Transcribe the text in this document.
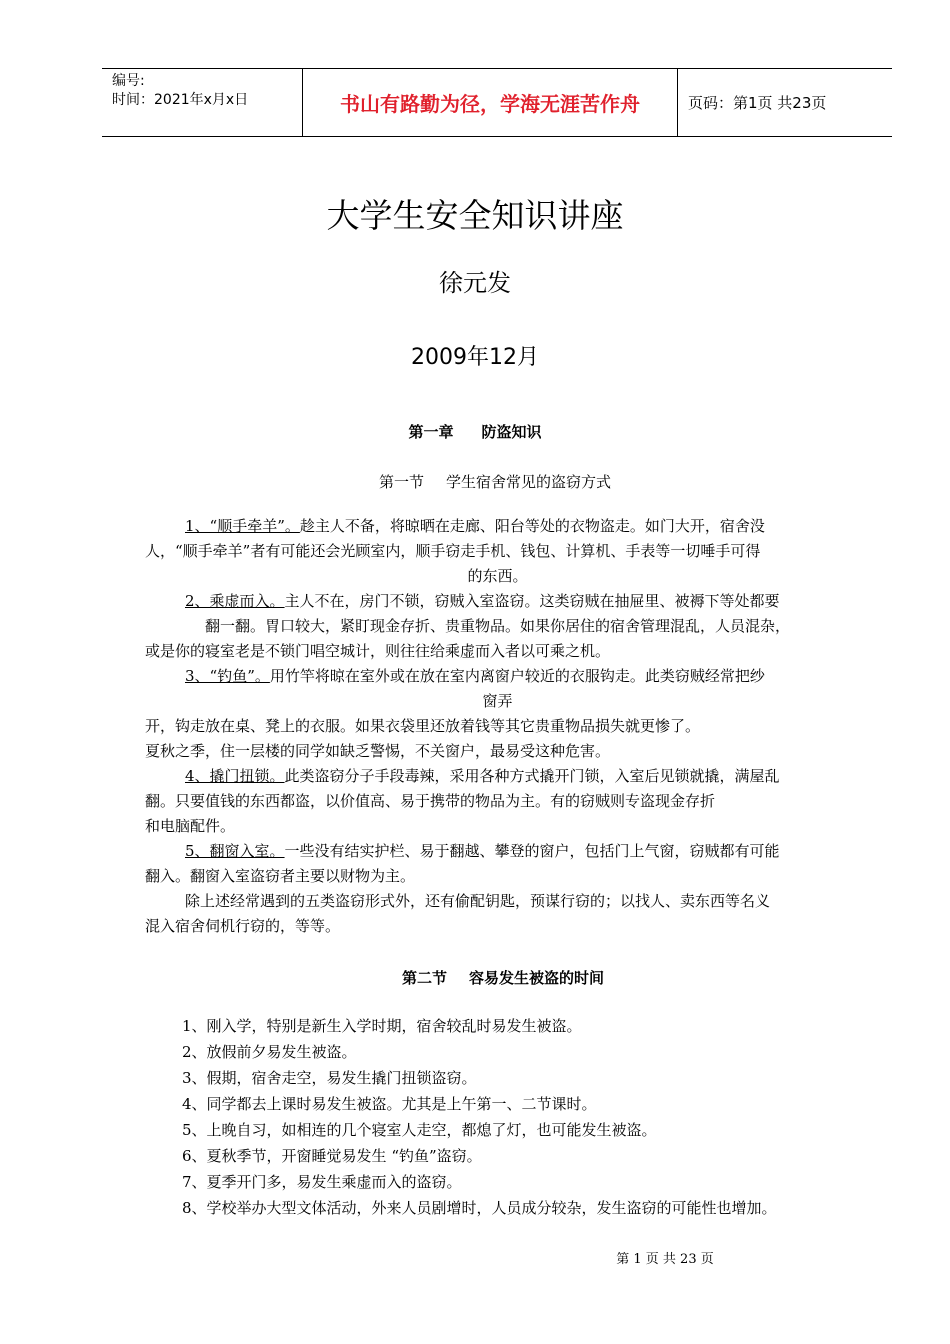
编号:
时间：2021年x月x日	书山有路勤为径，学海无涯苦作舟	页码：第1页 共23页
大学生安全知识讲座
徐元发
2009年12月
第一章 防盗知识
第一节 学生宿舍常见的盗窃方式
1、“顺手牵羊”。趁主人不备，将晾晒在走廊、阳台等处的衣物盗走。如门大开，宿舍没
人，“顺手牵羊”者有可能还会光顾室内，顺手窃走手机、钱包、计算机、手表等一切唾手可得
的东西。
2、乘虚而入。主人不在，房门不锁，窃贼入室盗窃。这类窃贼在抽屉里、被褥下等处都要
翻一翻。胃口较大，紧盯现金存折、贵重物品。如果你居住的宿舍管理混乱，人员混杂，
或是你的寝室老是不锁门唱空城计，则往往给乘虚而入者以可乘之机。
3、“钓鱼”。用竹竿将晾在室外或在放在室内离窗户较近的衣服钩走。此类窃贼经常把纱
窗弄
开，钩走放在桌、凳上的衣服。如果衣袋里还放着钱等其它贵重物品损失就更惨了。
夏秋之季，住一层楼的同学如缺乏警惕，不关窗户，最易受这种危害。
4、撬门扭锁。此类盗窃分子手段毒辣，采用各种方式撬开门锁，入室后见锁就撬，满屋乱
翻。只要值钱的东西都盗，以价值高、易于携带的物品为主。有的窃贼则专盗现金存折
和电脑配件。
5、翻窗入室。一些没有结实护栏、易于翻越、攀登的窗户，包括门上气窗，窃贼都有可能
翻入。翻窗入室盗窃者主要以财物为主。
除上述经常遇到的五类盗窃形式外，还有偷配钥匙，预谋行窃的；以找人、卖东西等名义
混入宿舍伺机行窃的，等等。
第二节 容易发生被盗的时间
1、刚入学，特别是新生入学时期，宿舍较乱时易发生被盗。
2、放假前夕易发生被盗。
3、假期，宿舍走空，易发生撬门扭锁盗窃。
4、同学都去上课时易发生被盗。尤其是上午第一、二节课时。
5、上晚自习，如相连的几个寝室人走空，都熄了灯，也可能发生被盗。
6、夏秋季节，开窗睡觉易发生 “钓鱼”盗窃。
7、夏季开门多，易发生乘虚而入的盗窃。
8、学校举办大型文体活动，外来人员剧增时，人员成分较杂，发生盗窃的可能性也增加。
第 1 页 共 23 页
